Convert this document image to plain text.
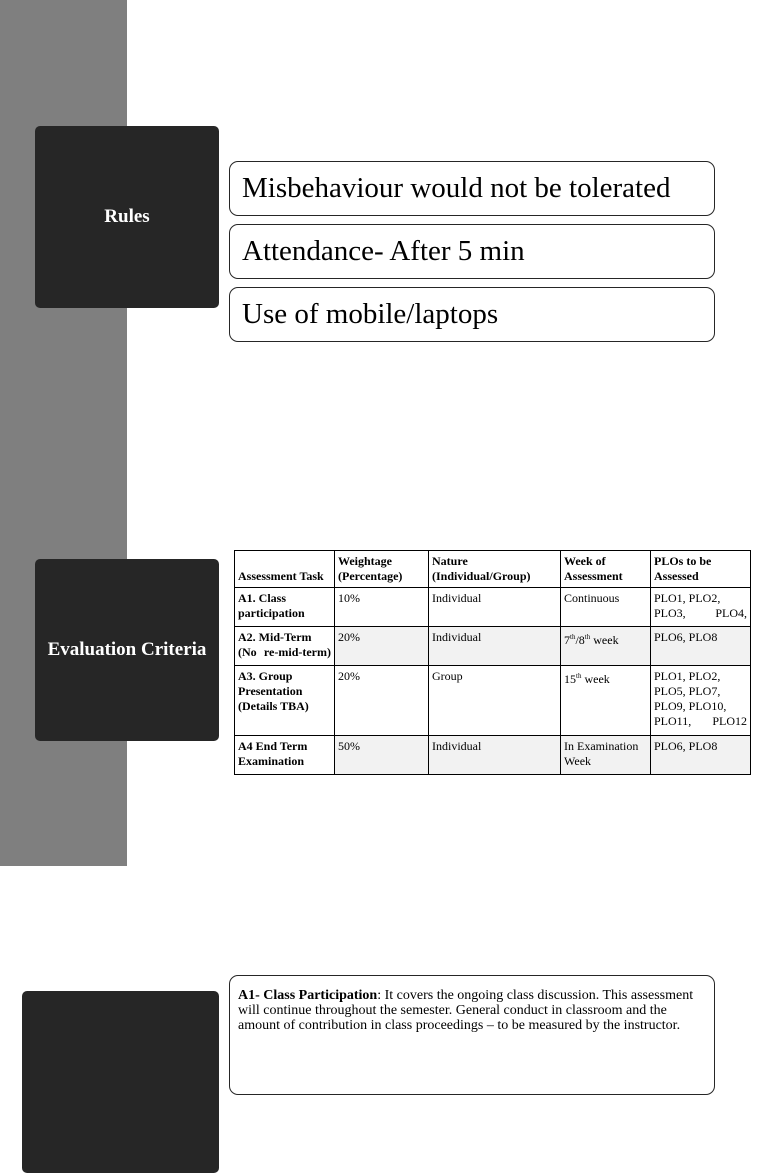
Rules
Misbehaviour would not be tolerated
Attendance- After 5 min
Use of mobile/laptops
Evaluation Criteria
Assessment Task	Weightage (Percentage)	Nature (Individual/Group)	Week of Assessment	PLOs to be Assessed
A1. Class participation	10%	Individual	Continuous	PLO1, PLO2, PLO3, PLO4,
A2. Mid-Term (No re-mid-term)	20%	Individual	7th/8th week	PLO6, PLO8
A3. Group Presentation (Details TBA)	20%	Group	15th week	PLO1, PLO2, PLO5, PLO7, PLO9, PLO10, PLO11, PLO12
A4 End Term Examination	50%	Individual	In Examination Week	PLO6, PLO8
A1- Class Participation: It covers the ongoing class discussion. This assessment will continue throughout the semester. General conduct in classroom and the amount of contribution in class proceedings – to be measured by the instructor.
